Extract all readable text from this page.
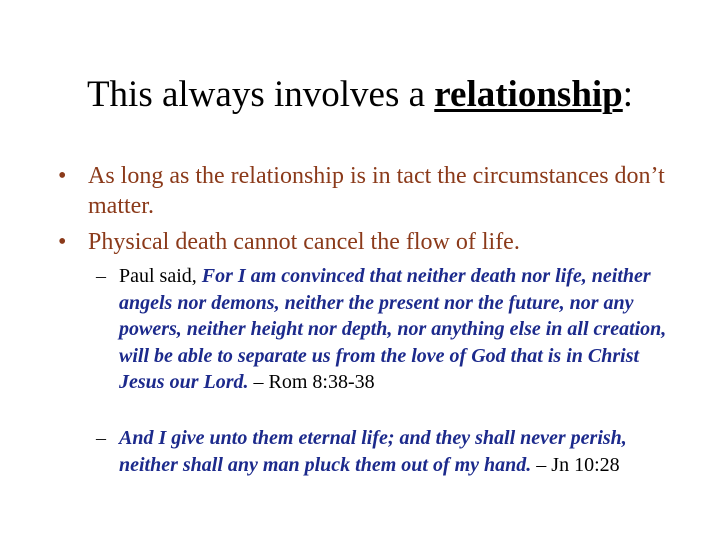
This always involves a relationship:
• As long as the relationship is in tact the circumstances don’t matter.
• Physical death cannot cancel the flow of life.
– Paul said, For I am convinced that neither death nor life, neither angels nor demons, neither the present nor the future, nor any powers, neither height nor depth, nor anything else in all creation, will be able to separate us from the love of God that is in Christ Jesus our Lord. – Rom 8:38-38
– And I give unto them eternal life; and they shall never perish, neither shall any man pluck them out of my hand. – Jn 10:28
